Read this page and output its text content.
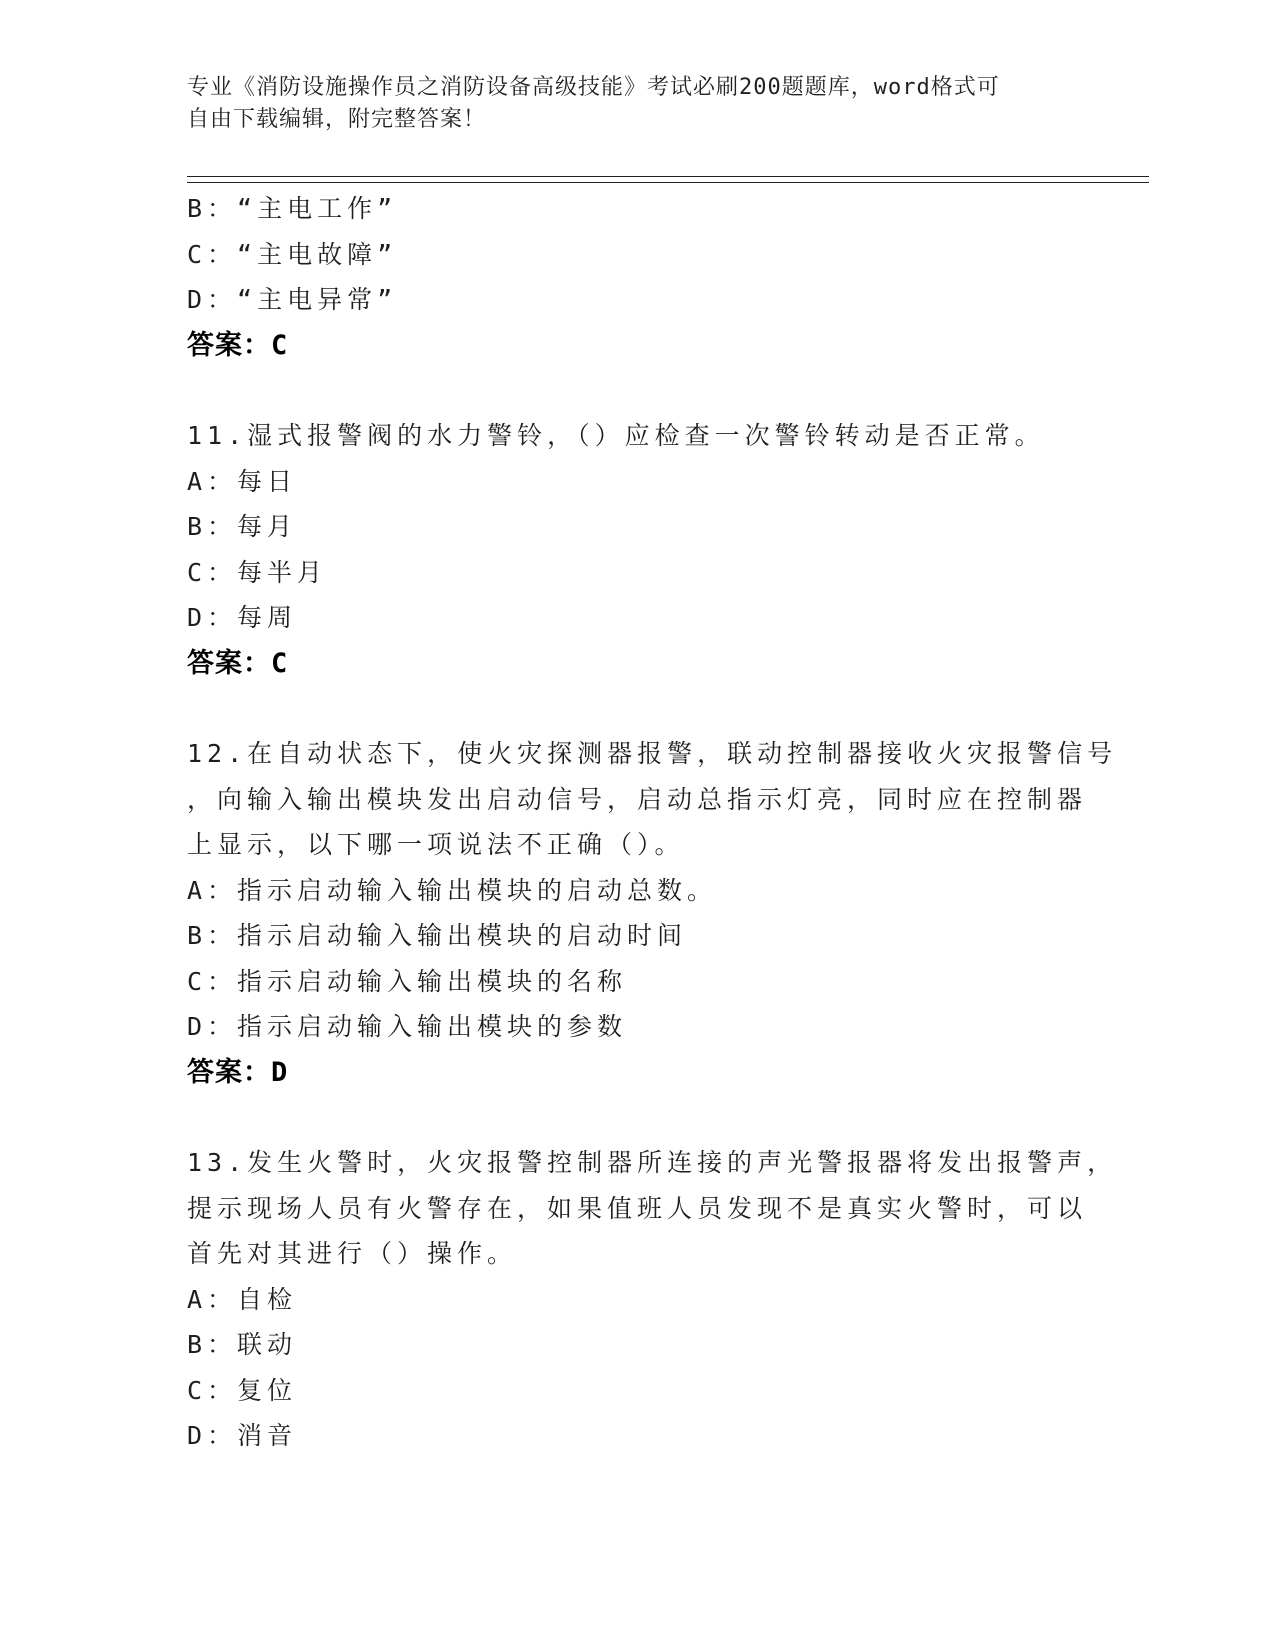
专业《消防设施操作员之消防设备高级技能》考试必刷200题题库，word格式可
自由下载编辑，附完整答案！
B：“主电工作”
C：“主电故障”
D：“主电异常”
答案：C
11.湿式报警阀的水力警铃，（）应检查一次警铃转动是否正常。
A：每日
B：每月
C：每半月
D：每周
答案：C
12.在自动状态下，使火灾探测器报警，联动控制器接收火灾报警信号
，向输入输出模块发出启动信号，启动总指示灯亮，同时应在控制器
上显示，以下哪一项说法不正确（）。
A：指示启动输入输出模块的启动总数。
B：指示启动输入输出模块的启动时间
C：指示启动输入输出模块的名称
D：指示启动输入输出模块的参数
答案：D
13.发生火警时，火灾报警控制器所连接的声光警报器将发出报警声，
提示现场人员有火警存在，如果值班人员发现不是真实火警时，可以
首先对其进行（）操作。
A：自检
B：联动
C：复位
D：消音
